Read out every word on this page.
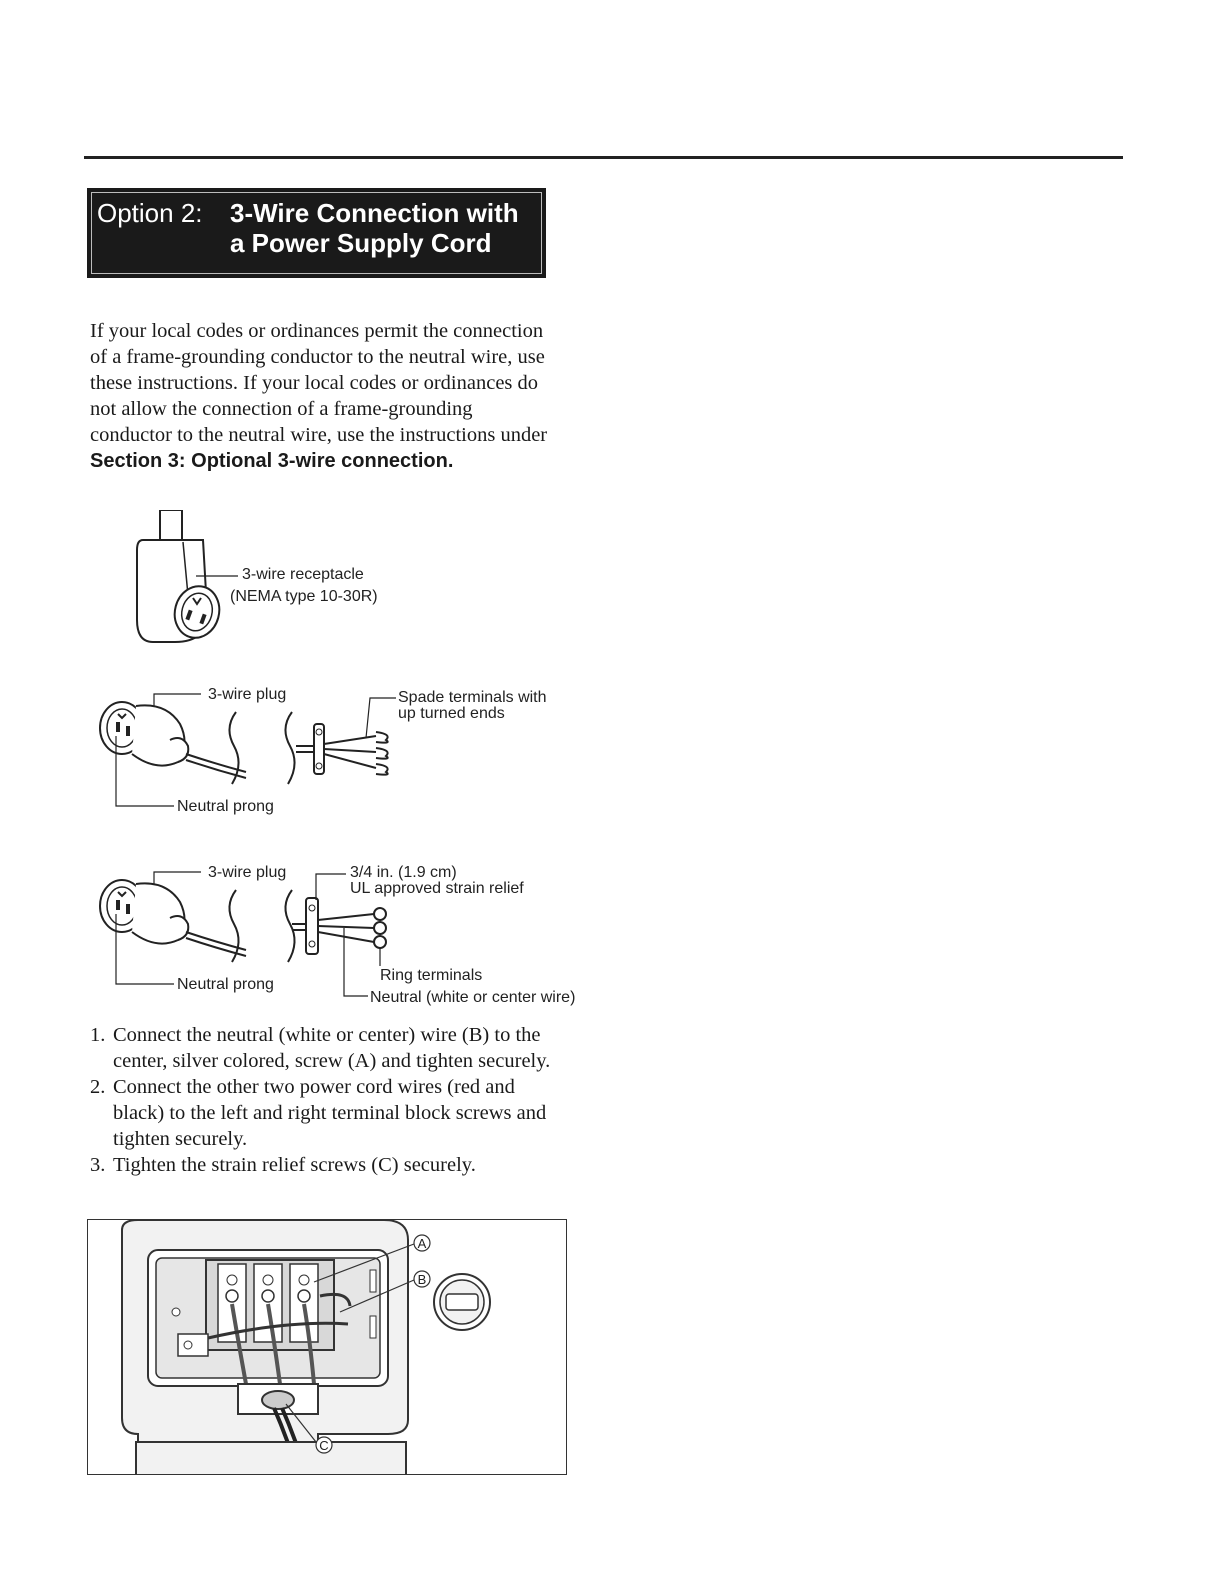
Option 2: 3-Wire Connection with
a Power Supply Cord
If your local codes or ordinances permit the connection of a frame-grounding conductor to the neutral wire, use these instructions. If your local codes or ordinances do not allow the connection of a frame-grounding conductor to the neutral wire, use the instructions under Section 3: Optional 3-wire connection.
3-wire receptacle
(NEMA type 10-30R)
3-wire plug	Spade terminals with
up turned ends
Neutral prong
3-wire plug	3/4 in. (1.9 cm)
UL approved strain relief
Ring terminals
Neutral prong
Neutral (white or center wire)
1. Connect the neutral (white or center) wire (B) to the center, silver colored, screw (A) and tighten securely.
2. Connect the other two power cord wires (red and black) to the left and right terminal block screws and tighten securely.
3. Tighten the strain relief screws (C) securely.
A
B
C
